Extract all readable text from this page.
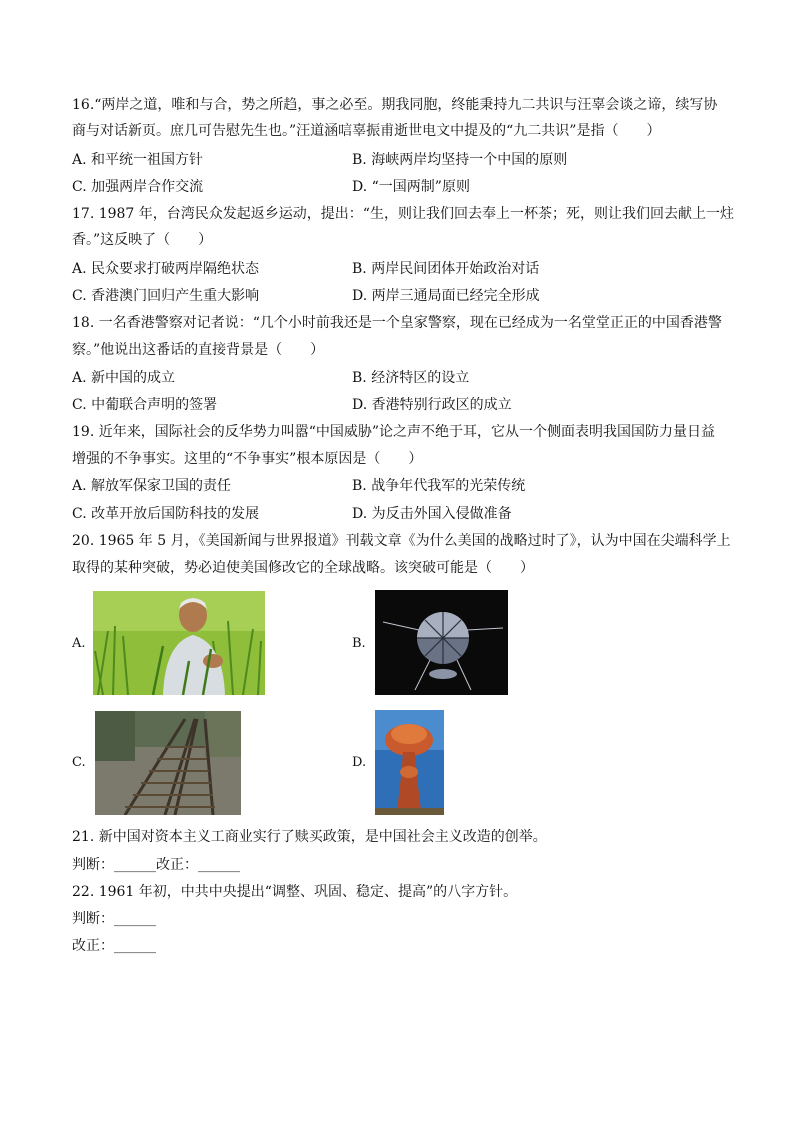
16.“两岸之道，唯和与合，势之所趋，事之必至。期我同胞，终能秉持九二共识与汪辜会谈之谛，续写协
商与对话新页。庶几可告慰先生也。”汪道涵唁辜振甫逝世电文中提及的“九二共识”是指（　　）
A. 和平统一祖国方针	B. 海峡两岸均坚持一个中国的原则
C. 加强两岸合作交流	D. “一国两制”原则
17. 1987 年，台湾民众发起返乡运动，提出：“生，则让我们回去奉上一杯茶；死，则让我们回去献上一炷
香。”这反映了（　　）
A. 民众要求打破两岸隔绝状态	B. 两岸民间团体开始政治对话
C. 香港澳门回归产生重大影响	D. 两岸三通局面已经完全形成
18. 一名香港警察对记者说：“几个小时前我还是一个皇家警察，现在已经成为一名堂堂正正的中国香港警
察。”他说出这番话的直接背景是（　　）
A. 新中国的成立	B. 经济特区的设立
C. 中葡联合声明的签署	D. 香港特别行政区的成立
19. 近年来，国际社会的反华势力叫嚣“中国威胁”论之声不绝于耳，它从一个侧面表明我国国防力量日益
增强的不争事实。这里的“不争事实”根本原因是（　　）
A. 解放军保家卫国的责任	B. 战争年代我军的光荣传统
C. 改革开放后国防科技的发展	D. 为反击外国入侵做准备
20. 1965 年 5 月，《美国新闻与世界报道》刊载文章《为什么美国的战略过时了》，认为中国在尖端科学上
取得的某种突破，势必迫使美国修改它的全球战略。该突破可能是（　　）
A.	B.
C.	D.
21. 新中国对资本主义工商业实行了赎买政策，是中国社会主义改造的创举。
判断：______改正：______
22. 1961 年初，中共中央提出“调整、巩固、稳定、提高”的八字方针。
判断：______
改正：______
